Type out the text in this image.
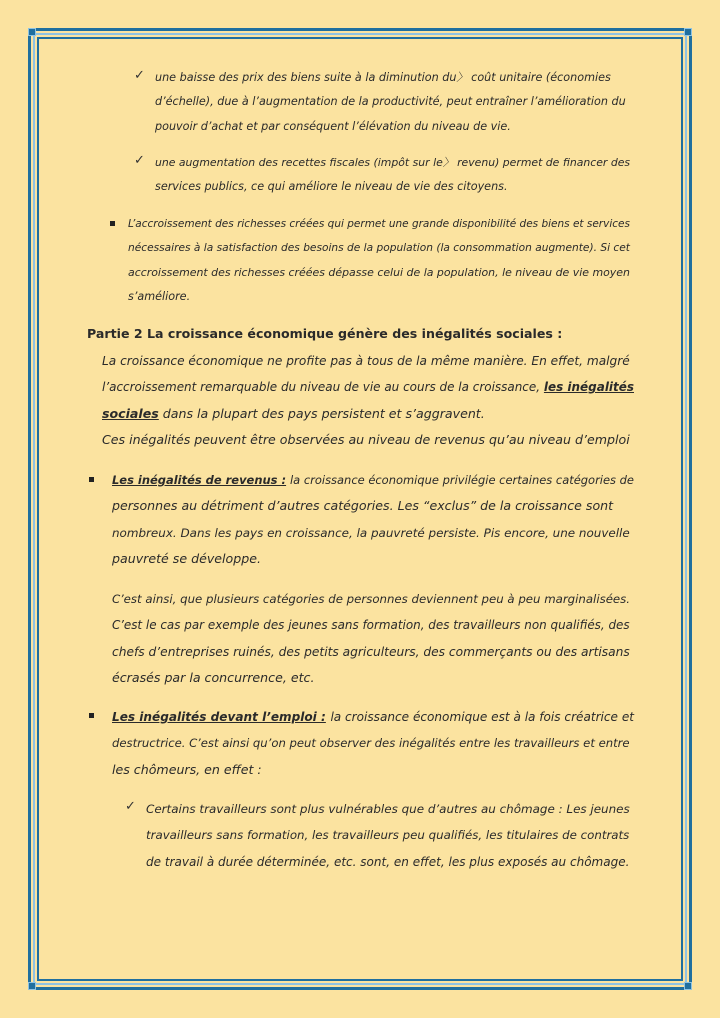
✓ une baisse des prix des biens suite à la diminution du〉 coût unitaire (économies
d’échelle), due à l’augmentation de la productivité, peut entraîner l’amélioration du
pouvoir d’achat et par conséquent l’élévation du niveau de vie.
✓ une augmentation des recettes fiscales (impôt sur le〉 revenu) permet de financer des
services publics, ce qui améliore le niveau de vie des citoyens.
L’accroissement des richesses créées qui permet une grande disponibilité des biens et services
nécessaires à la satisfaction des besoins de la population (la consommation augmente). Si cet
accroissement des richesses créées dépasse celui de la population, le niveau de vie moyen
s’améliore.
Partie 2 La croissance économique génère des inégalités sociales :
La croissance économique ne profite pas à tous de la même manière. En effet, malgré
l’accroissement remarquable du niveau de vie au cours de la croissance, les inégalités
sociales dans la plupart des pays persistent et s’aggravent.
Ces inégalités peuvent être observées au niveau de revenus qu’au niveau d’emploi
Les inégalités de revenus : la croissance économique privilégie certaines catégories de
personnes au détriment d’autres catégories. Les “exclus” de la croissance sont
nombreux. Dans les pays en croissance, la pauvreté persiste. Pis encore, une nouvelle
pauvreté se développe.
C’est ainsi, que plusieurs catégories de personnes deviennent peu à peu marginalisées.
C’est le cas par exemple des jeunes sans formation, des travailleurs non qualifiés, des
chefs d’entreprises ruinés, des petits agriculteurs, des commerçants ou des artisans
écrasés par la concurrence, etc.
Les inégalités devant l’emploi : la croissance économique est à la fois créatrice et
destructrice. C’est ainsi qu’on peut observer des inégalités entre les travailleurs et entre
les chômeurs, en effet :
✓ Certains travailleurs sont plus vulnérables que d’autres au chômage : Les jeunes
travailleurs sans formation, les travailleurs peu qualifiés, les titulaires de contrats
de travail à durée déterminée, etc. sont, en effet, les plus exposés au chômage.
